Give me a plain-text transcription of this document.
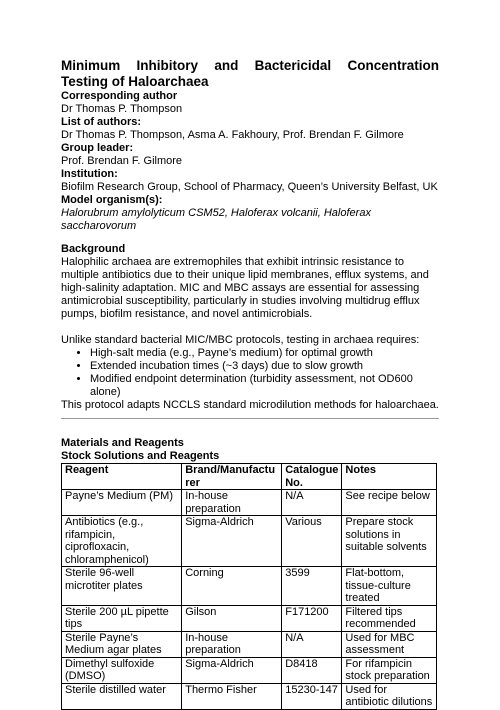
Minimum Inhibitory and Bactericidal Concentration Testing of Haloarchaea
Corresponding author
Dr Thomas P. Thompson
List of authors:
Dr Thomas P. Thompson, Asma A. Fakhoury, Prof. Brendan F. Gilmore
Group leader:
Prof. Brendan F. Gilmore
Institution:
Biofilm Research Group, School of Pharmacy, Queen’s University Belfast, UK
Model organism(s):
Halorubrum amylolyticum CSM52, Haloferax volcanii, Haloferax saccharovorum
Background

Halophilic archaea are extremophiles that exhibit intrinsic resistance to multiple antibiotics due to their unique lipid membranes, efflux systems, and high-salinity adaptation. MIC and MBC assays are essential for assessing antimicrobial susceptibility, particularly in studies involving multidrug efflux pumps, biofilm resistance, and novel antimicrobials.

Unlike standard bacterial MIC/MBC protocols, testing in archaea requires:

• High-salt media (e.g., Payne’s medium) for optimal growth
• Extended incubation times (~3 days) due to slow growth
• Modified endpoint determination (turbidity assessment, not OD600 alone)

This protocol adapts NCCLS standard microdilution methods for haloarchaea.

Materials and Reagents
Stock Solutions and Reagents
Reagent	Brand/Manufacturer	Catalogue No.	Notes
Payne’s Medium (PM)	In-house preparation	N/A	See recipe below
Antibiotics (e.g., rifampicin, ciprofloxacin, chloramphenicol)	Sigma-Aldrich	Various	Prepare stock solutions in suitable solvents
Sterile 96-well microtiter plates	Corning	3599	Flat-bottom, tissue-culture treated
Sterile 200 µL pipette tips	Gilson	F171200	Filtered tips recommended
Sterile Payne’s Medium agar plates	In-house preparation	N/A	Used for MBC assessment
Dimethyl sulfoxide (DMSO)	Sigma-Aldrich	D8418	For rifampicin stock preparation
Sterile distilled water	Thermo Fisher	15230-147	Used for antibiotic dilutions
